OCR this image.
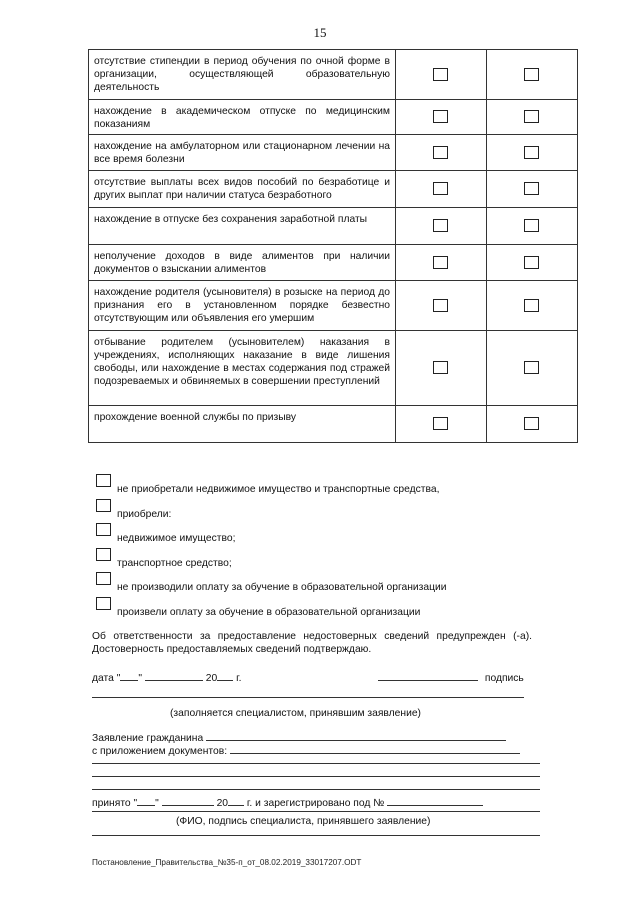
15
отсутствие стипендии в период обучения по очной форме в организации, осуществляющей образовательную деятельность	

нахождение в академическом отпуске по медицинским показаниям	

нахождение на амбулаторном или стационарном лечении на все время болезни	

отсутствие выплаты всех видов пособий по безработице и других выплат при наличии статуса безработного	

нахождение в отпуске без сохранения заработной платы	

неполучение доходов в виде алиментов при наличии документов о взыскании алиментов	

нахождение родителя (усыновителя) в розыске на период до признания его в установленном порядке безвестно отсутствующим или объявления его умершим	

отбывание родителем (усыновителем) наказания в учреждениях, исполняющих наказание в виде лишения свободы, или нахождение в местах содержания под стражей подозреваемых и обвиняемых в совершении преступлений	

прохождение военной службы по призыву	

не приобретали недвижимое имущество и транспортные средства,
приобрели:
недвижимое имущество;
транспортное средство;
не производили оплату за обучение в образовательной организации
произвели оплату за обучение в образовательной организации
Об ответственности за предоставление недостоверных сведений предупрежден (-а). Достоверность предоставляемых сведений подтверждаю.
дата " "	20 г.	подпись
(заполняется специалистом, принявшим заявление)
Заявление гражданина
с приложением документов:
принято " "	20 г. и зарегистрировано под №
(ФИО, подпись специалиста, принявшего заявление)
Постановление_Правительства_№35-п_от_08.02.2019_33017207.ODT
